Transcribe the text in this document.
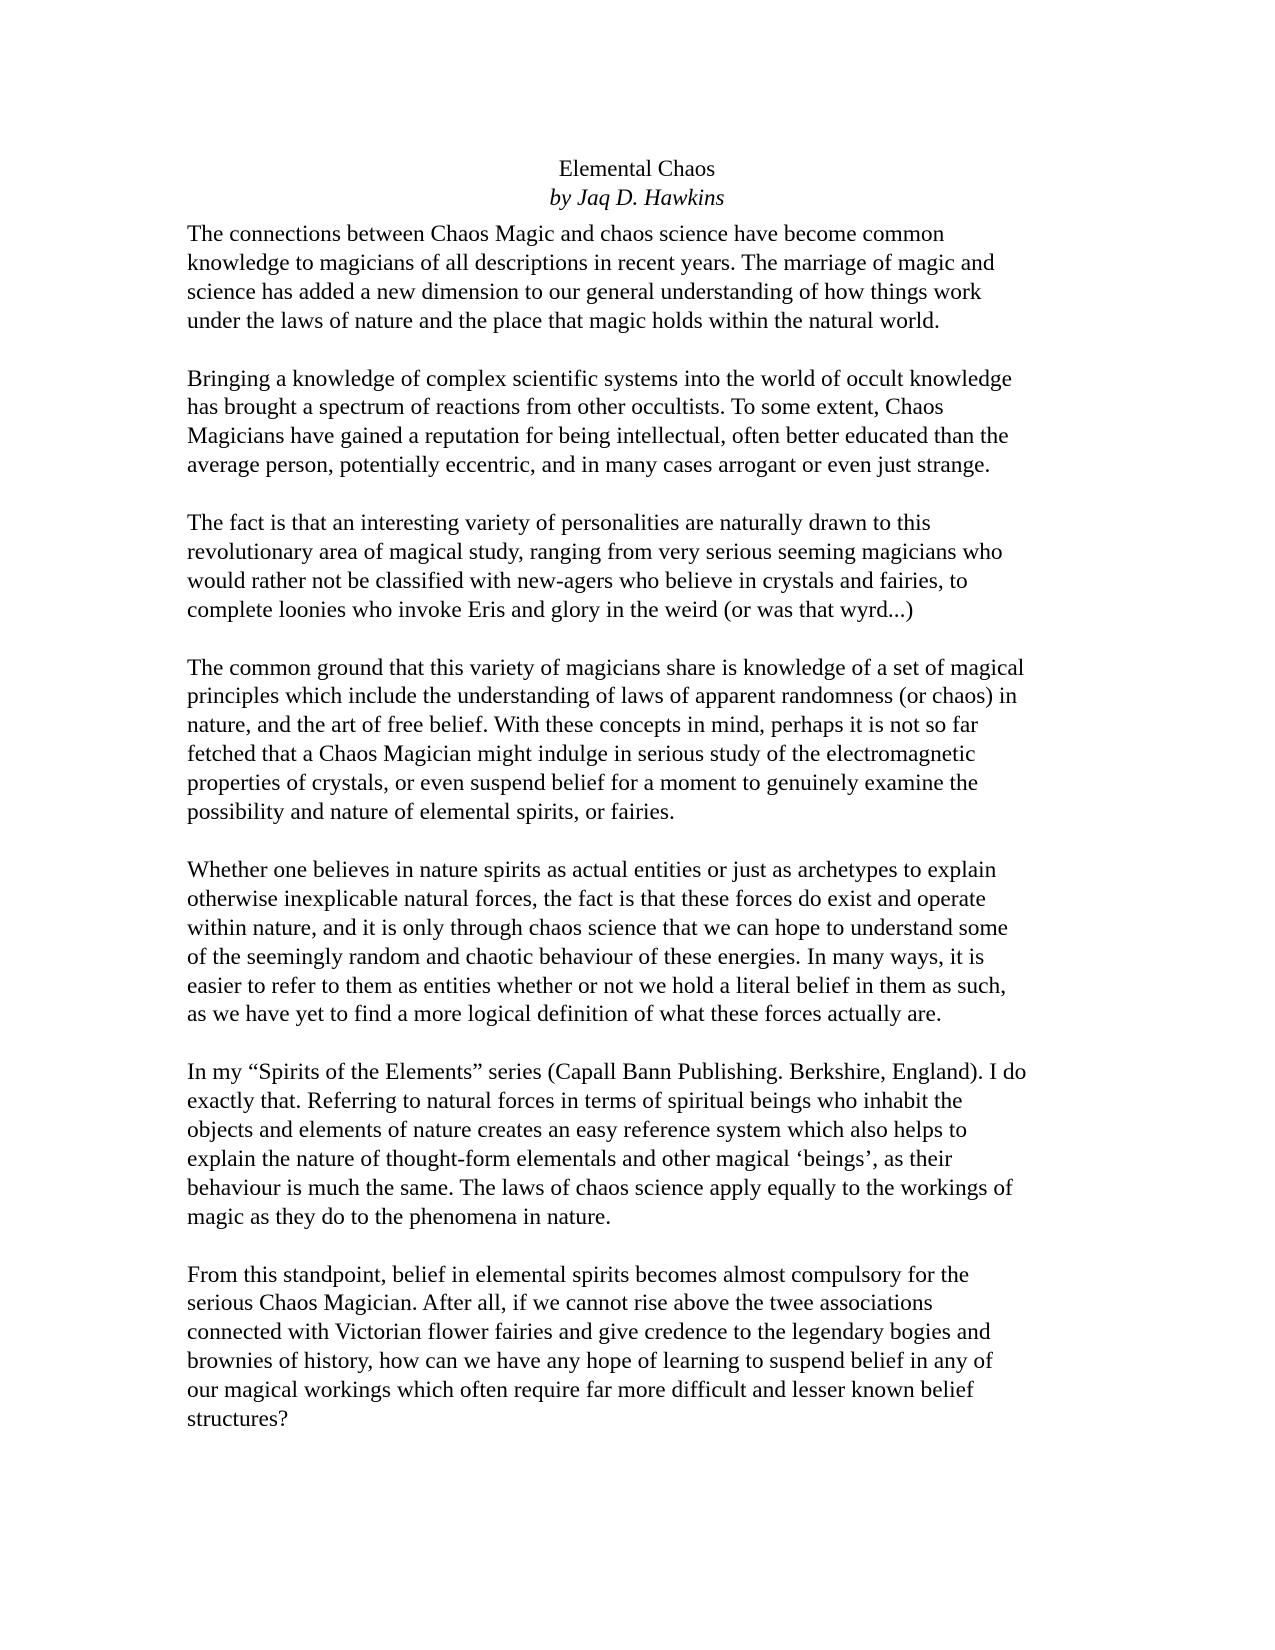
Elemental Chaos
by Jaq D. Hawkins

The connections between Chaos Magic and chaos science have become common
knowledge to magicians of all descriptions in recent years. The marriage of magic and
science has added a new dimension to our general understanding of how things work
under the laws of nature and the place that magic holds within the natural world.

Bringing a knowledge of complex scientific systems into the world of occult knowledge
has brought a spectrum of reactions from other occultists. To some extent, Chaos
Magicians have gained a reputation for being intellectual, often better educated than the
average person, potentially eccentric, and in many cases arrogant or even just strange.

The fact is that an interesting variety of personalities are naturally drawn to this
revolutionary area of magical study, ranging from very serious seeming magicians who
would rather not be classified with new-agers who believe in crystals and fairies, to
complete loonies who invoke Eris and glory in the weird (or was that wyrd...)

The common ground that this variety of magicians share is knowledge of a set of magical
principles which include the understanding of laws of apparent randomness (or chaos) in
nature, and the art of free belief. With these concepts in mind, perhaps it is not so far
fetched that a Chaos Magician might indulge in serious study of the electromagnetic
properties of crystals, or even suspend belief for a moment to genuinely examine the
possibility and nature of elemental spirits, or fairies.

Whether one believes in nature spirits as actual entities or just as archetypes to explain
otherwise inexplicable natural forces, the fact is that these forces do exist and operate
within nature, and it is only through chaos science that we can hope to understand some
of the seemingly random and chaotic behaviour of these energies. In many ways, it is
easier to refer to them as entities whether or not we hold a literal belief in them as such,
as we have yet to find a more logical definition of what these forces actually are.

In my “Spirits of the Elements” series (Capall Bann Publishing. Berkshire, England). I do
exactly that. Referring to natural forces in terms of spiritual beings who inhabit the
objects and elements of nature creates an easy reference system which also helps to
explain the nature of thought-form elementals and other magical ‘beings’, as their
behaviour is much the same. The laws of chaos science apply equally to the workings of
magic as they do to the phenomena in nature.

From this standpoint, belief in elemental spirits becomes almost compulsory for the
serious Chaos Magician. After all, if we cannot rise above the twee associations
connected with Victorian flower fairies and give credence to the legendary bogies and
brownies of history, how can we have any hope of learning to suspend belief in any of
our magical workings which often require far more difficult and lesser known belief
structures?
